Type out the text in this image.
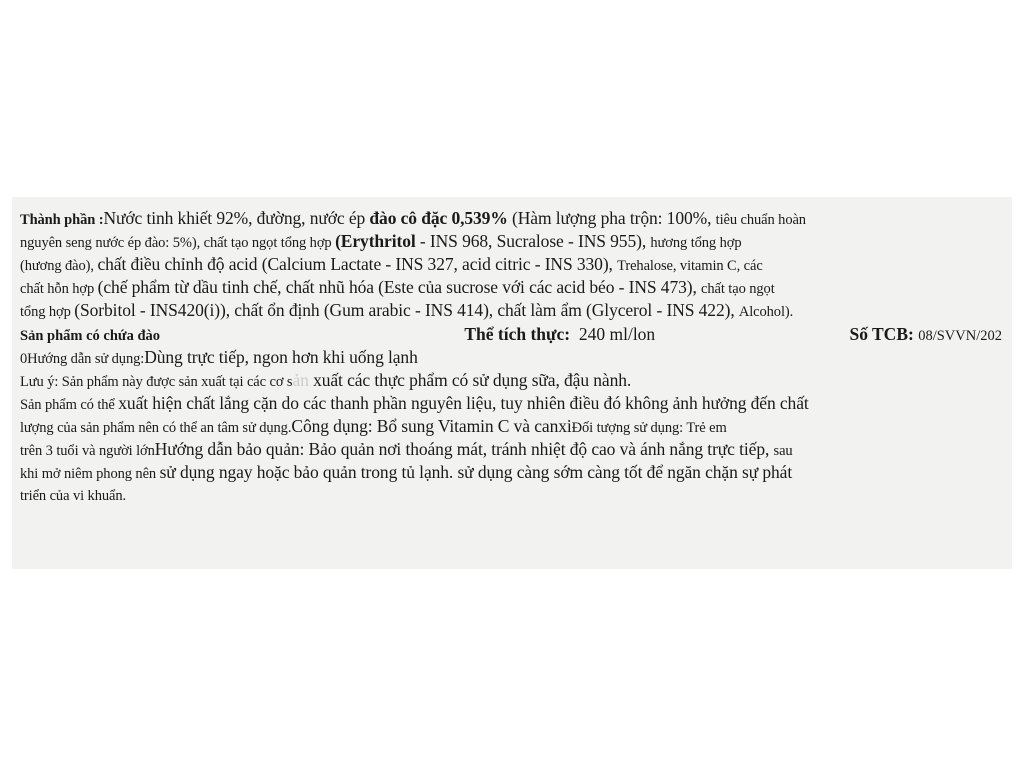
Thành phần :Nước tinh khiết 92%, đường, nước ép đào cô đặc 0,539% (Hàm lượng pha trộn: 100%, tiêu chuẩn hoàn
nguyên seng nước ép đào: 5%), chất tạo ngọt tổng hợp (Erythritol - INS 968, Sucralose - INS 955), hương tổng hợp
(hương đào), chất điều chỉnh độ acid (Calcium Lactate - INS 327, acid citric - INS 330), Trehalose, vitamin C, các
chất hỗn hợp (chế phẩm từ dầu tinh chế, chất nhũ hóa (Este của sucrose với các acid béo - INS 473), chất tạo ngọt
tổng hợp (Sorbitol - INS420(i)), chất ổn định (Gum arabic - INS 414), chất làm ẩm (Glycerol - INS 422), Alcohol).
Sản phẩm có chứa đào	Thể tích thực: 240 ml/lon	Số TCB: 08/SVVN/202
0Hướng dẫn sử dụng:Dùng trực tiếp, ngon hơn khi uống lạnh
Lưu ý: Sản phẩm này được sản xuất tại các cơ sản xuất các thực phẩm có sử dụng sữa, đậu nành.
Sản phẩm có thể xuất hiện chất lắng cặn do các thanh phần nguyên liệu, tuy nhiên điều đó không ảnh hưởng đến chất
lượng của sản phẩm nên có thể an tâm sử dụng.Công dụng: Bổ sung Vitamin C và canxiĐối tượng sử dụng: Trẻ em
trên 3 tuổi và người lớnHướng dẫn bảo quản: Bảo quản nơi thoáng mát, tránh nhiệt độ cao và ánh nắng trực tiếp, sau
khi mở niêm phong nên sử dụng ngay hoặc bảo quản trong tủ lạnh. sử dụng càng sớm càng tốt để ngăn chặn sự phát
triển của vi khuẩn.
